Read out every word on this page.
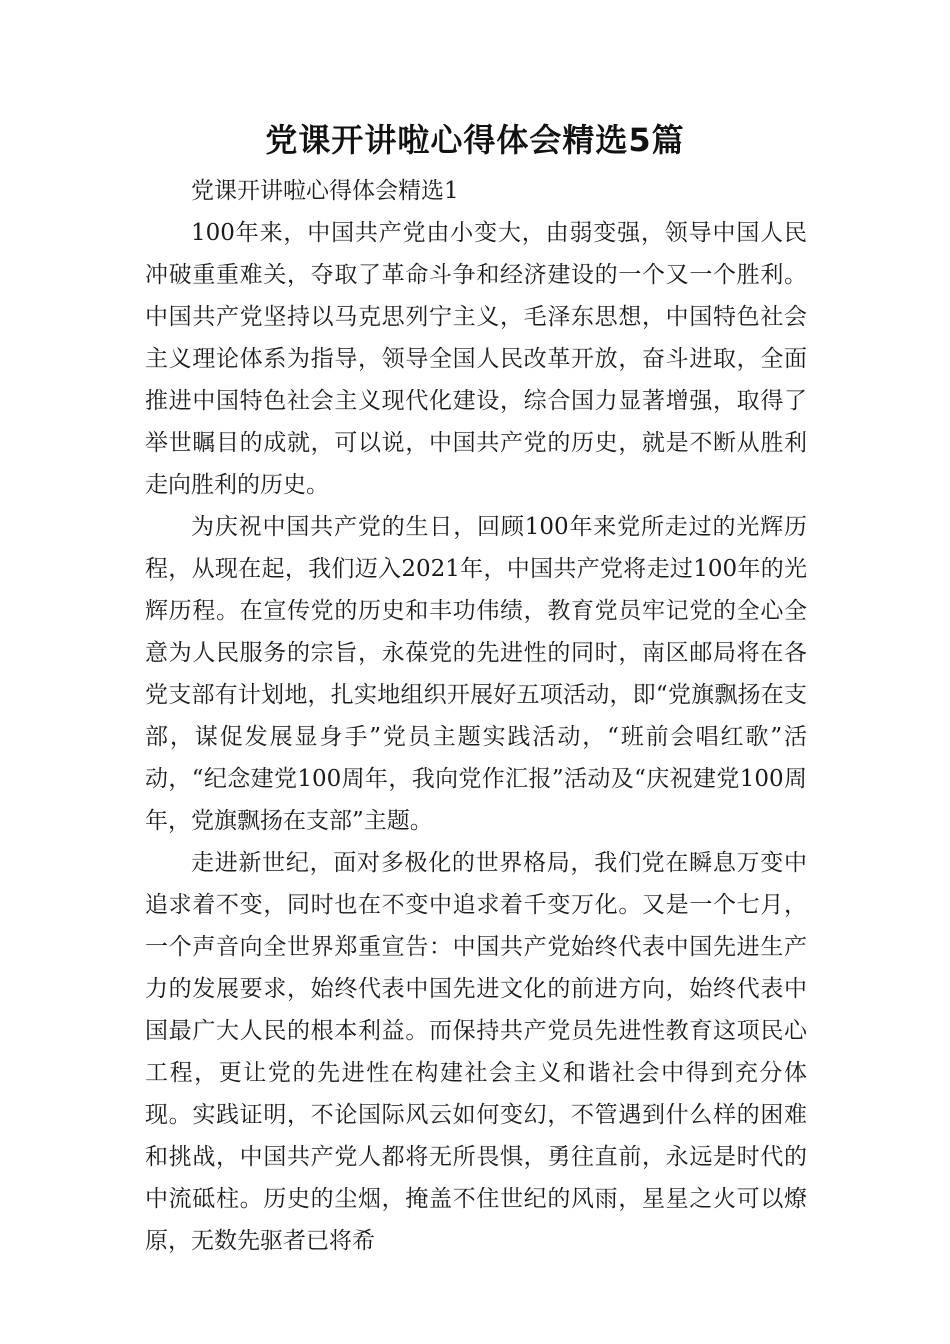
党课开讲啦心得体会精选5篇

党课开讲啦心得体会精选1

100年来，中国共产党由小变大，由弱变强，领导中国人民冲破重重难关，夺取了革命斗争和经济建设的一个又一个胜利。中国共产党坚持以马克思列宁主义，毛泽东思想，中国特色社会主义理论体系为指导，领导全国人民改革开放，奋斗进取，全面推进中国特色社会主义现代化建设，综合国力显著增强，取得了举世瞩目的成就，可以说，中国共产党的历史，就是不断从胜利走向胜利的历史。

为庆祝中国共产党的生日，回顾100年来党所走过的光辉历程，从现在起，我们迈入2021年，中国共产党将走过100年的光辉历程。在宣传党的历史和丰功伟绩，教育党员牢记党的全心全意为人民服务的宗旨，永葆党的先进性的同时，南区邮局将在各党支部有计划地，扎实地组织开展好五项活动，即“党旗飘扬在支部，谋促发展显身手”党员主题实践活动，“班前会唱红歌”活动，“纪念建党100周年，我向党作汇报”活动及“庆祝建党100周年，党旗飘扬在支部”主题。

走进新世纪，面对多极化的世界格局，我们党在瞬息万变中追求着不变，同时也在不变中追求着千变万化。又是一个七月，一个声音向全世界郑重宣告：中国共产党始终代表中国先进生产力的发展要求，始终代表中国先进文化的前进方向，始终代表中国最广大人民的根本利益。而保持共产党员先进性教育这项民心工程，更让党的先进性在构建社会主义和谐社会中得到充分体现。实践证明，不论国际风云如何变幻，不管遇到什么样的困难和挑战，中国共产党人都将无所畏惧，勇往直前，永远是时代的中流砥柱。历史的尘烟，掩盖不住世纪的风雨，星星之火可以燎原，无数先驱者已将希
